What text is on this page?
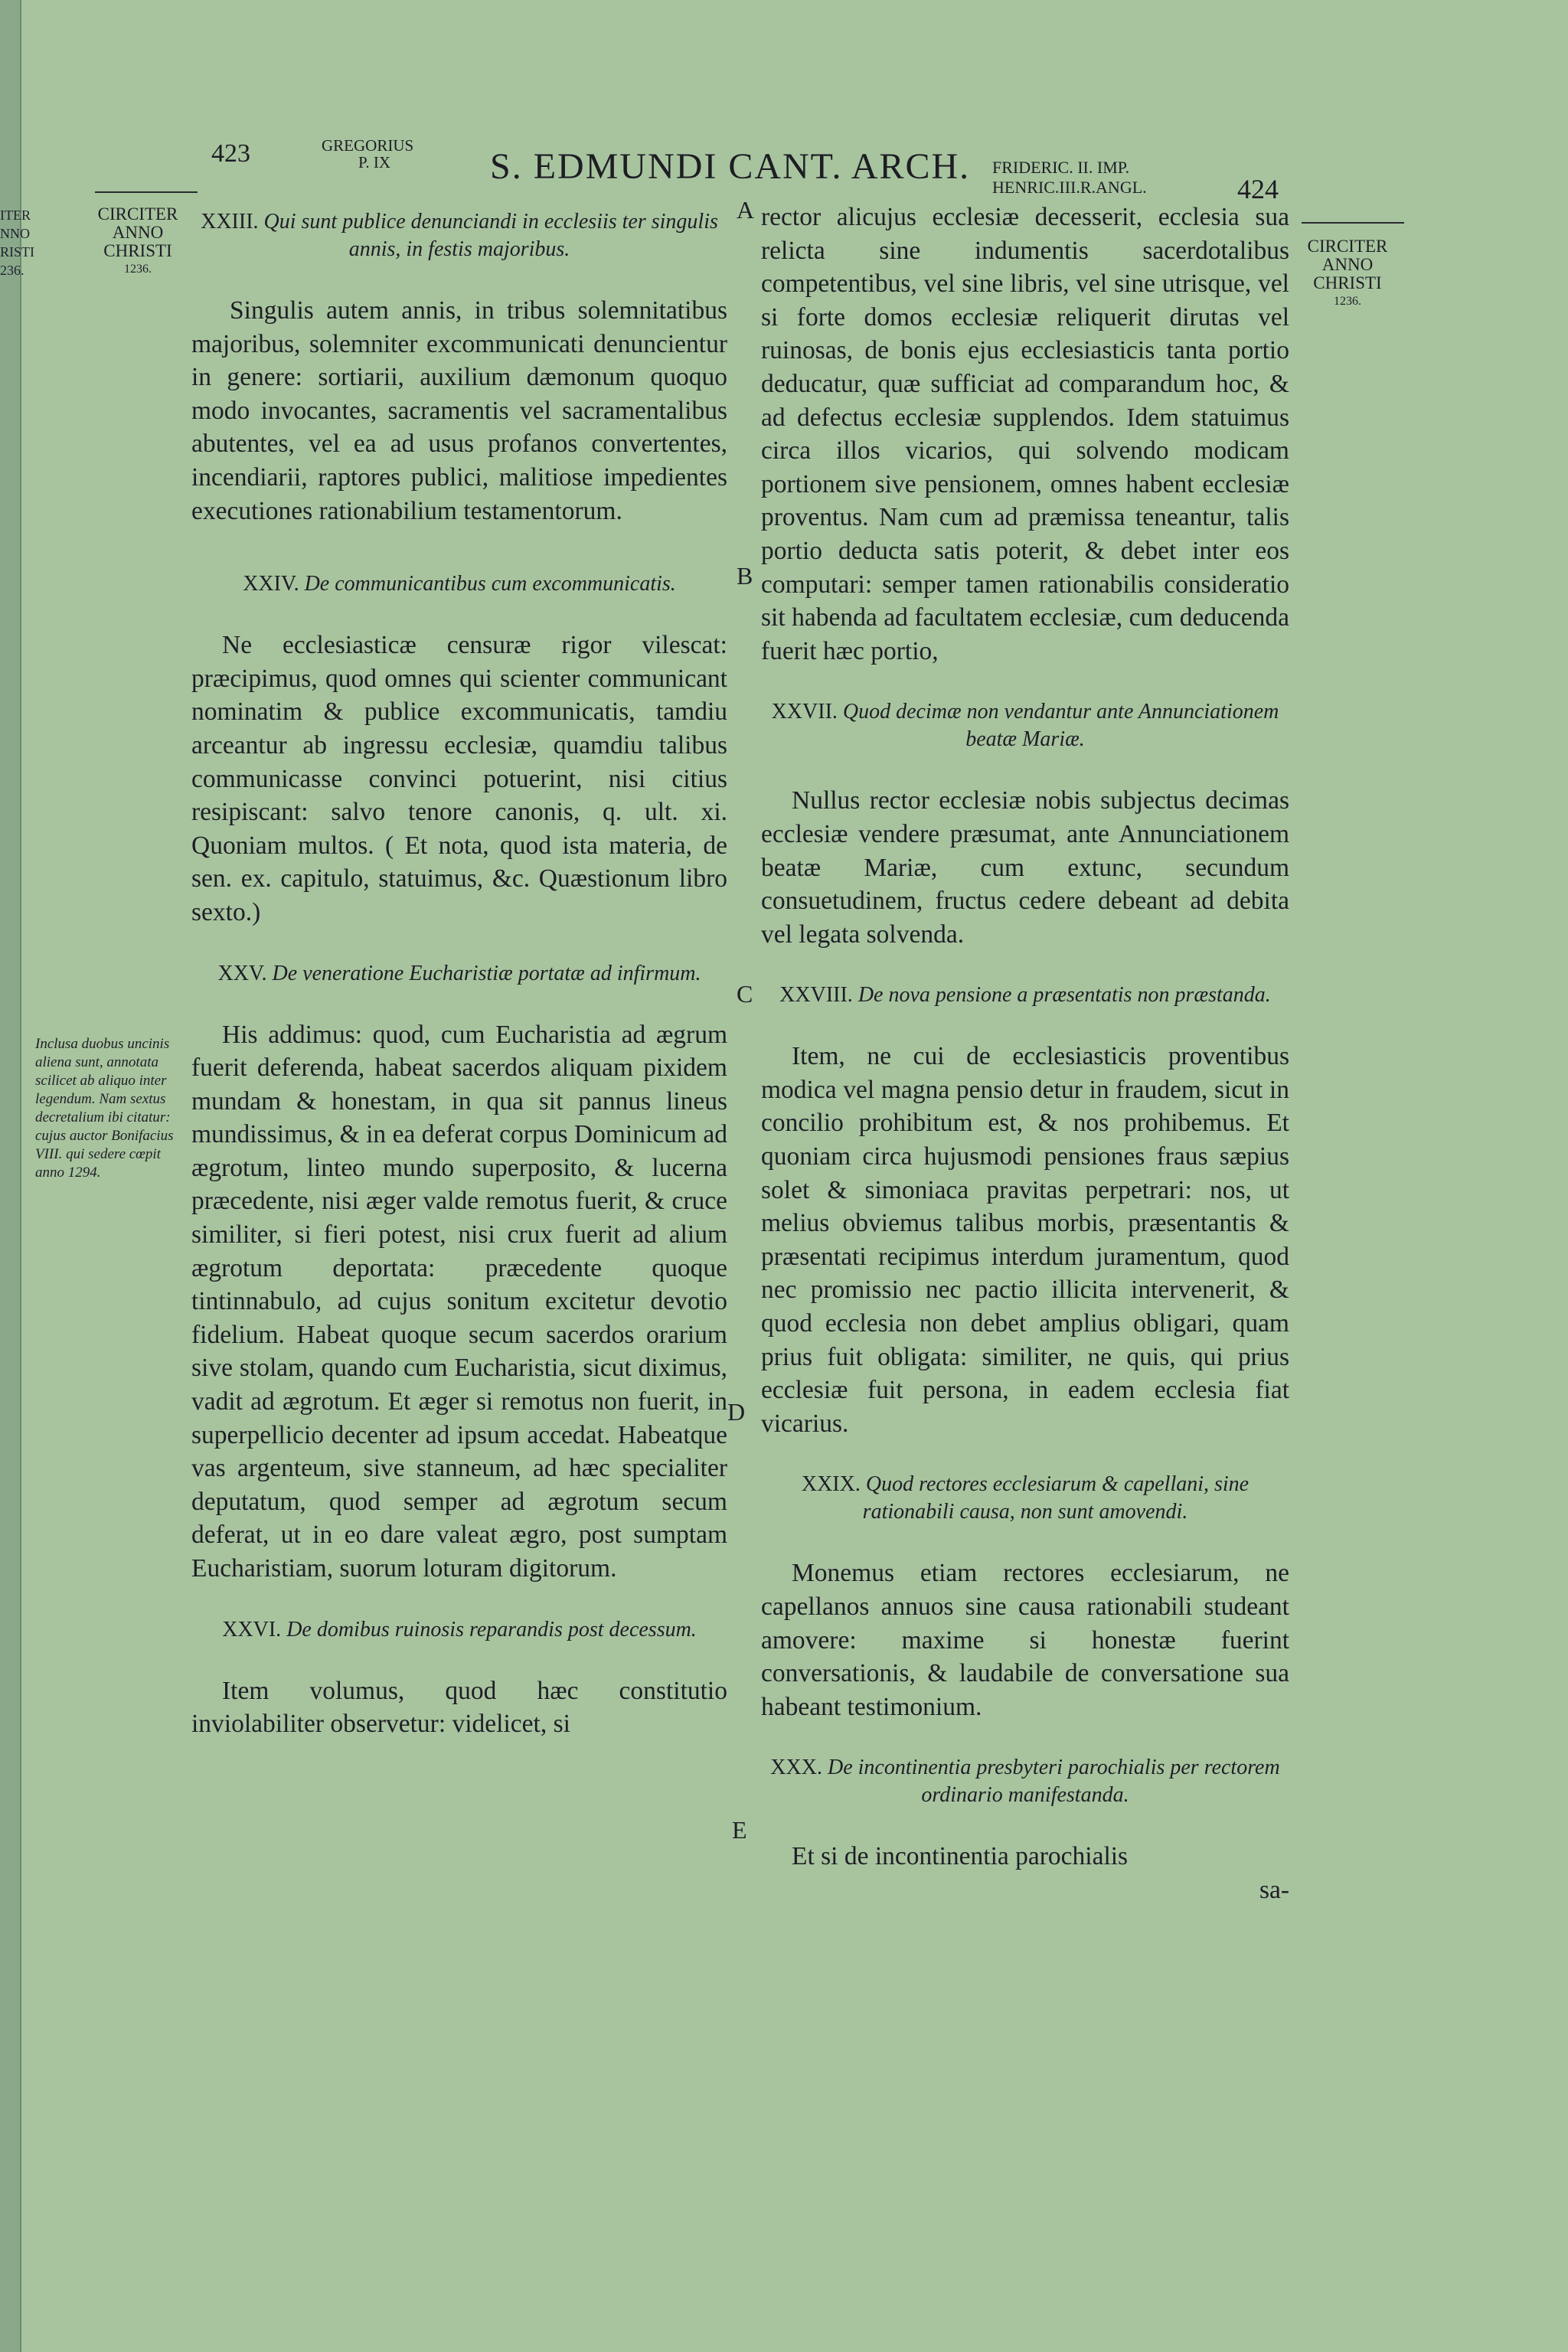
ITER
NNO
RISTI
236.
423	GREGORIUS
P. IX	S. EDMUNDI CANT. ARCH. FRIDERIC. II. IMP.
HENRIC.III.R.ANGL.	424
CIRCITER
ANNO
CHRISTI
1236.
CIRCITER
ANNO
CHRISTI
1236.
A
B
C
D
E
Inclusa duobus uncinis aliena sunt, annotata scilicet ab aliquo inter legendum. Nam sextus decretalium ibi citatur: cujus auctor Bonifacius VIII. qui sedere cœpit anno 1294.
XXIII. Qui sunt publice denunciandi in ecclesiis ter singulis annis, in festis majoribus.

Singulis autem annis, in tribus solemnitatibus majoribus, solemniter excommunicati denuncientur in genere: sortiarii, auxilium dæmonum quoquo modo invocantes, sacramentis vel sacramentalibus abutentes, vel ea ad usus profanos convertentes, incendiarii, raptores publici, malitiose impedientes executiones rationabilium testamentorum.

XXIV. De communicantibus cum excommunicatis.

Ne ecclesiasticæ censuræ rigor vilescat: præcipimus, quod omnes qui scienter communicant nominatim & publice excommunicatis, tamdiu arceantur ab ingressu ecclesiæ, quamdiu talibus communicasse convinci potuerint, nisi citius resipiscant: salvo tenore canonis, q. ult. xi. Quoniam multos. ( Et nota, quod ista materia, de sen. ex. capitulo, statuimus, &c. Quæstionum libro sexto.)

XXV. De veneratione Eucharistiæ portatæ ad infirmum.

His addimus: quod, cum Eucharistia ad ægrum fuerit deferenda, habeat sacerdos aliquam pixidem mundam & honestam, in qua sit pannus lineus mundissimus, & in ea deferat corpus Dominicum ad ægrotum, linteo mundo superposito, & lucerna præcedente, nisi æger valde remotus fuerit, & cruce similiter, si fieri potest, nisi crux fuerit ad alium ægrotum deportata: præcedente quoque tintinnabulo, ad cujus sonitum excitetur devotio fidelium. Habeat quoque secum sacerdos orarium sive stolam, quando cum Eucharistia, sicut diximus, vadit ad ægrotum. Et æger si remotus non fuerit, in superpellicio decenter ad ipsum accedat. Habeatque vas argenteum, sive stanneum, ad hæc specialiter deputatum, quod semper ad ægrotum secum deferat, ut in eo dare valeat ægro, post sumptam Eucharistiam, suorum loturam digitorum.

XXVI. De domibus ruinosis reparandis post decessum.

Item volumus, quod hæc constitutio inviolabiliter observetur: videlicet, si

rector alicujus ecclesiæ decesserit, ecclesia sua relicta sine indumentis sacerdotalibus competentibus, vel sine libris, vel sine utrisque, vel si forte domos ecclesiæ reliquerit dirutas vel ruinosas, de bonis ejus ecclesiasticis tanta portio deducatur, quæ sufficiat ad comparandum hoc, & ad defectus ecclesiæ supplendos. Idem statuimus circa illos vicarios, qui solvendo modicam portionem sive pensionem, omnes habent ecclesiæ proventus. Nam cum ad præmissa teneantur, talis portio deducta satis poterit, & debet inter eos computari: semper tamen rationabilis consideratio sit habenda ad facultatem ecclesiæ, cum deducenda fuerit hæc portio,

XXVII. Quod decimæ non vendantur ante Annunciationem beatæ Mariæ.

Nullus rector ecclesiæ nobis subjectus decimas ecclesiæ vendere præsumat, ante Annunciationem beatæ Mariæ, cum extunc, secundum consuetudinem, fructus cedere debeant ad debita vel legata solvenda.

XXVIII. De nova pensione a præsentatis non præstanda.

Item, ne cui de ecclesiasticis proventibus modica vel magna pensio detur in fraudem, sicut in concilio prohibitum est, & nos prohibemus. Et quoniam circa hujusmodi pensiones fraus sæpius solet & simoniaca pravitas perpetrari: nos, ut melius obviemus talibus morbis, præsentantis & præsentati recipimus interdum juramentum, quod nec promissio nec pactio illicita intervenerit, & quod ecclesia non debet amplius obligari, quam prius fuit obligata: similiter, ne quis, qui prius ecclesiæ fuit persona, in eadem ecclesia fiat vicarius.

XXIX. Quod rectores ecclesiarum & capellani, sine rationabili causa, non sunt amovendi.

Monemus etiam rectores ecclesiarum, ne capellanos annuos sine causa rationabili studeant amovere: maxime si honestæ fuerint conversationis, & laudabile de conversatione sua habeant testimonium.

XXX. De incontinentia presbyteri parochialis per rectorem ordinario manifestanda.

Et si de incontinentia parochialis

sa-
